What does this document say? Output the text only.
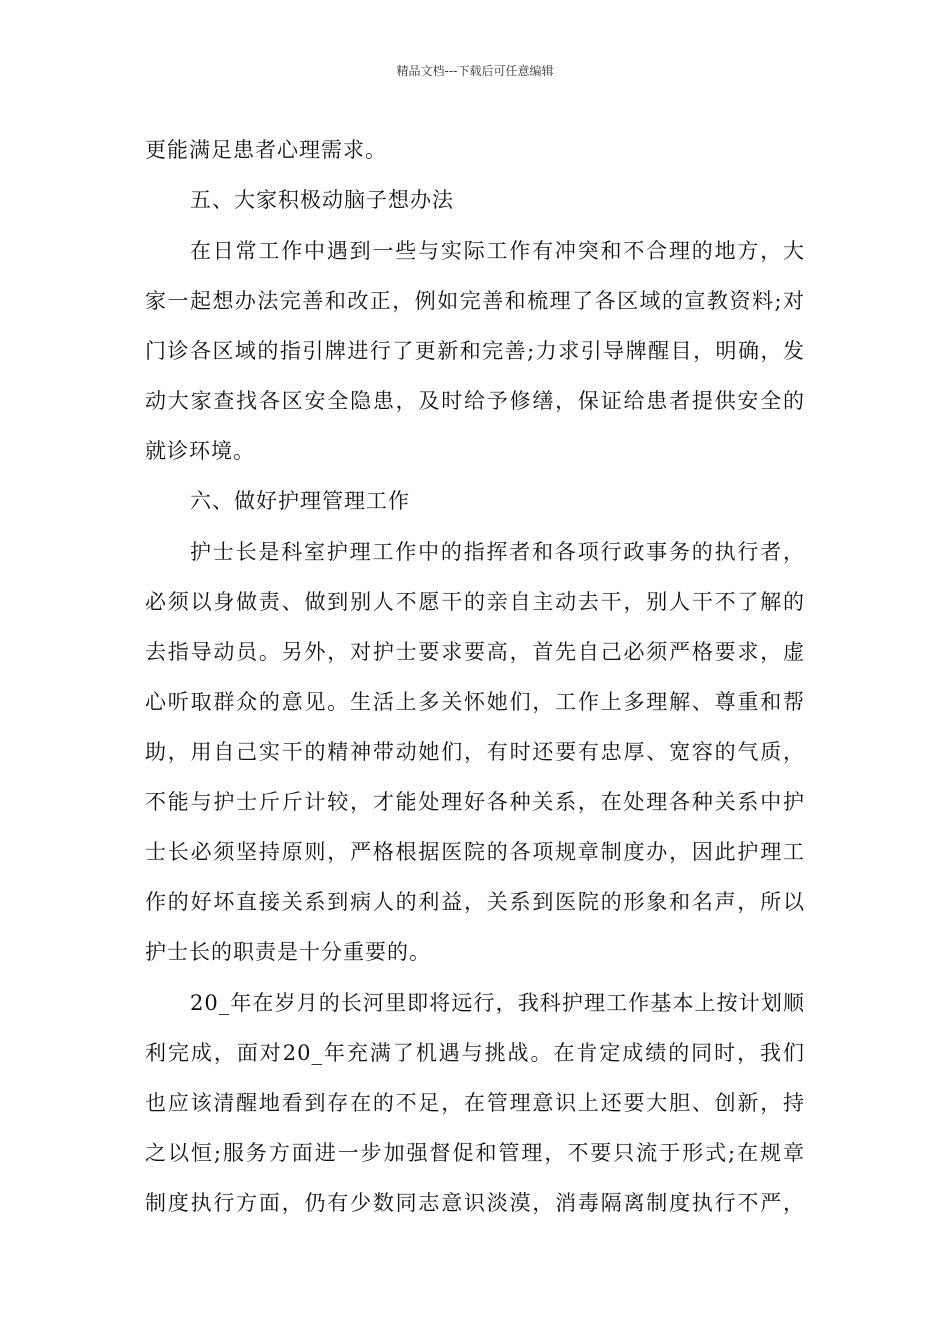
精品文档---下载后可任意编辑

更能满足患者心理需求。

五、大家积极动脑子想办法

在日常工作中遇到一些与实际工作有冲突和不合理的地方，大

家一起想办法完善和改正，例如完善和梳理了各区域的宣教资料;对

门诊各区域的指引牌进行了更新和完善;力求引导牌醒目，明确，发

动大家查找各区安全隐患，及时给予修缮，保证给患者提供安全的

就诊环境。

六、做好护理管理工作

护士长是科室护理工作中的指挥者和各项行政事务的执行者，

必须以身做责、做到别人不愿干的亲自主动去干，别人干不了解的

去指导动员。另外，对护士要求要高，首先自己必须严格要求，虚

心听取群众的意见。生活上多关怀她们，工作上多理解、尊重和帮

助，用自己实干的精神带动她们，有时还要有忠厚、宽容的气质，

不能与护士斤斤计较，才能处理好各种关系，在处理各种关系中护

士长必须坚持原则，严格根据医院的各项规章制度办，因此护理工

作的好坏直接关系到病人的利益，关系到医院的形象和名声，所以

护士长的职责是十分重要的。

20_年在岁月的长河里即将远行，我科护理工作基本上按计划顺

利完成，面对20_年充满了机遇与挑战。在肯定成绩的同时，我们

也应该清醒地看到存在的不足，在管理意识上还要大胆、创新，持

之以恒;服务方面进一步加强督促和管理，不要只流于形式;在规章

制度执行方面，仍有少数同志意识淡漠，消毒隔离制度执行不严，
